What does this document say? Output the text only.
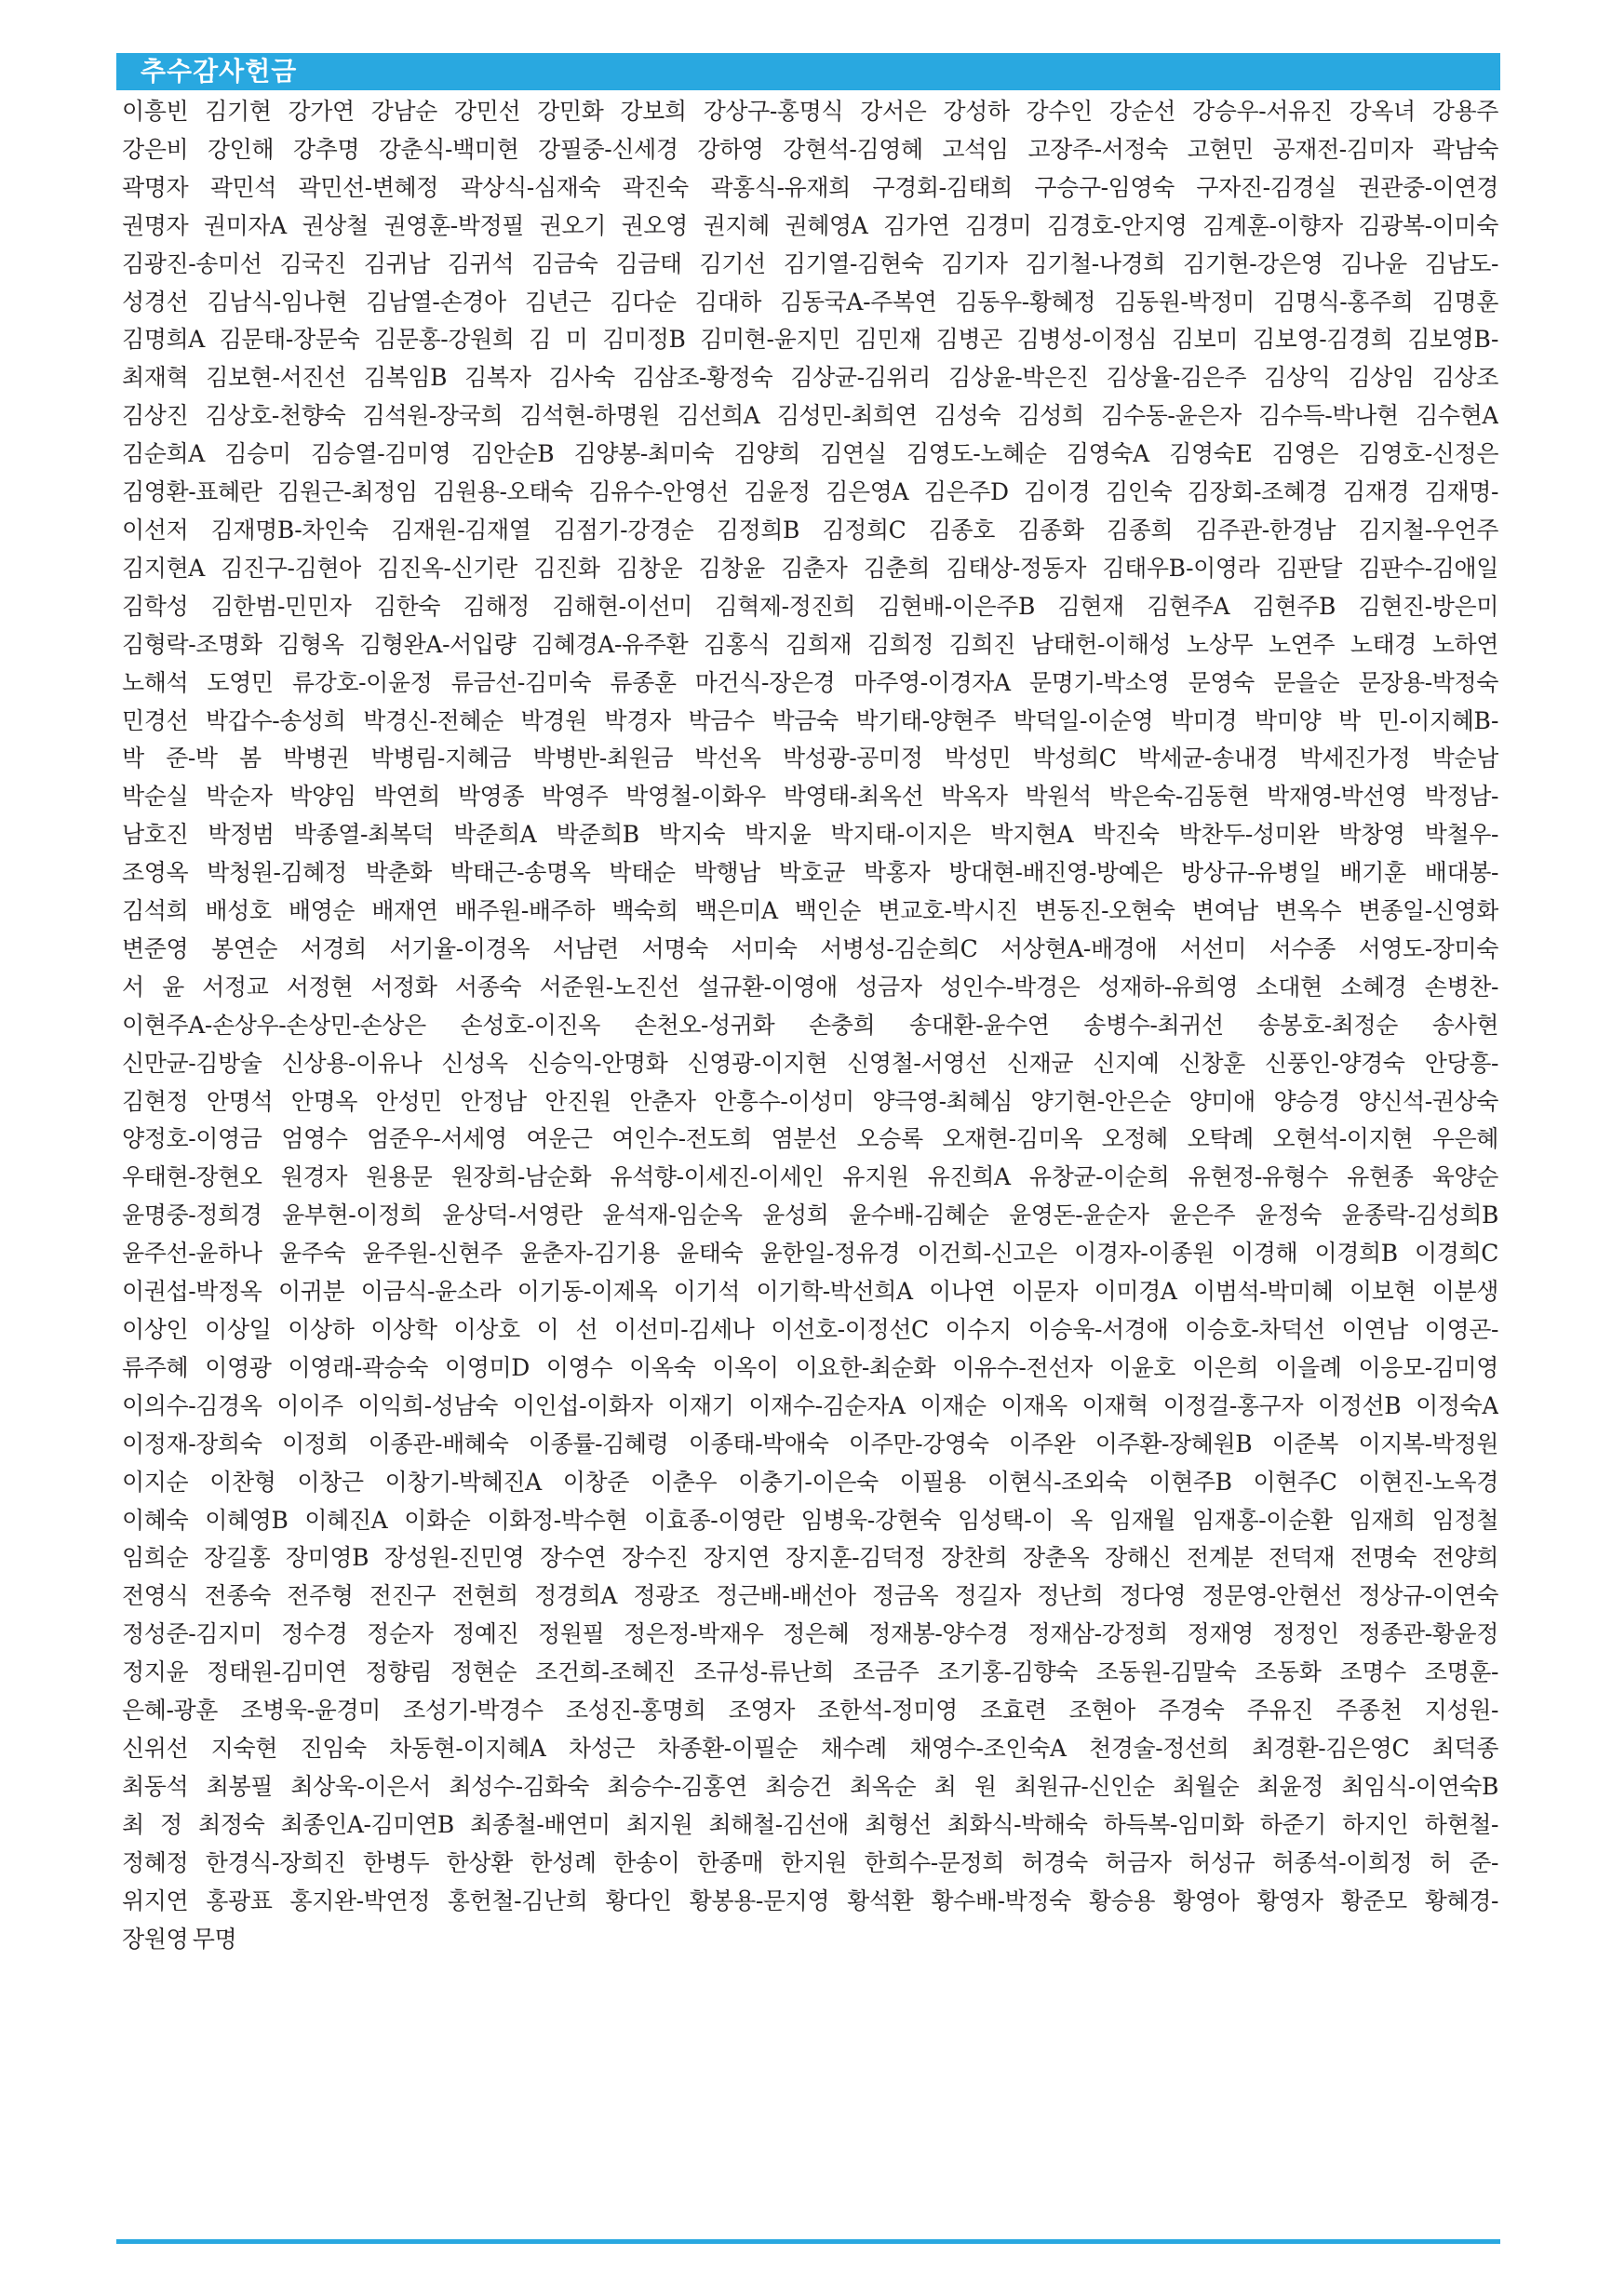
추수감사헌금
이흥빈 김기현 강가연 강남순 강민선 강민화 강보희 강상구-홍명식 강서은 강성하 강수인 강순선 강승우-서유진 강옥녀 강용주
강은비 강인해 강추명 강춘식-백미현 강필중-신세경 강하영 강현석-김영혜 고석임 고장주-서정숙 고현민 공재전-김미자 곽남숙
곽명자 곽민석 곽민선-변혜정 곽상식-심재숙 곽진숙 곽홍식-유재희 구경회-김태희 구승구-임영숙 구자진-김경실 권관중-이연경
권명자 권미자A 권상철 권영훈-박정필 권오기 권오영 권지혜 권혜영A 김가연 김경미 김경호-안지영 김계훈-이향자 김광복-이미숙
김광진-송미선 김국진 김귀남 김귀석 김금숙 김금태 김기선 김기열-김현숙 김기자 김기철-나경희 김기현-강은영 김나윤 김남도-
성경선 김남식-임나현 김남열-손경아 김년근 김다순 김대하 김동국A-주복연 김동우-황혜정 김동원-박정미 김명식-홍주희 김명훈
김명희A 김문태-장문숙 김문홍-강원희 김 미 김미정B 김미현-윤지민 김민재 김병곤 김병성-이정심 김보미 김보영-김경희 김보영B-
최재혁 김보현-서진선 김복임B 김복자 김사숙 김삼조-황정숙 김상균-김위리 김상윤-박은진 김상율-김은주 김상익 김상임 김상조
김상진 김상호-천향숙 김석원-장국희 김석현-하명원 김선희A 김성민-최희연 김성숙 김성희 김수동-윤은자 김수득-박나현 김수현A
김순희A 김승미 김승열-김미영 김안순B 김양봉-최미숙 김양희 김연실 김영도-노혜순 김영숙A 김영숙E 김영은 김영호-신정은
김영환-표혜란 김원근-최정임 김원용-오태숙 김유수-안영선 김윤정 김은영A 김은주D 김이경 김인숙 김장회-조혜경 김재경 김재명-
이선저 김재명B-차인숙 김재원-김재열 김점기-강경순 김정희B 김정희C 김종호 김종화 김종희 김주관-한경남 김지철-우언주
김지현A 김진구-김현아 김진옥-신기란 김진화 김창운 김창윤 김춘자 김춘희 김태상-정동자 김태우B-이영라 김판달 김판수-김애일
김학성 김한범-민민자 김한숙 김해정 김해현-이선미 김혁제-정진희 김현배-이은주B 김현재 김현주A 김현주B 김현진-방은미
김형락-조명화 김형옥 김형완A-서입량 김혜경A-유주환 김홍식 김희재 김희정 김희진 남태헌-이해성 노상무 노연주 노태경 노하연
노해석 도영민 류강호-이윤정 류금선-김미숙 류종훈 마건식-장은경 마주영-이경자A 문명기-박소영 문영숙 문을순 문장용-박정숙
민경선 박갑수-송성희 박경신-전혜순 박경원 박경자 박금수 박금숙 박기태-양현주 박덕일-이순영 박미경 박미양 박 민-이지혜B-
박 준-박 봄 박병권 박병림-지혜금 박병반-최원금 박선옥 박성광-공미정 박성민 박성희C 박세균-송내경 박세진가정 박순남
박순실 박순자 박양임 박연희 박영종 박영주 박영철-이화우 박영태-최옥선 박옥자 박원석 박은숙-김동현 박재영-박선영 박정남-
남호진 박정범 박종열-최복덕 박준희A 박준희B 박지숙 박지윤 박지태-이지은 박지현A 박진숙 박찬두-성미완 박창영 박철우-
조영옥 박청원-김혜정 박춘화 박태근-송명옥 박태순 박행남 박호균 박홍자 방대현-배진영-방예은 방상규-유병일 배기훈 배대봉-
김석희 배성호 배영순 배재연 배주원-배주하 백숙희 백은미A 백인순 변교호-박시진 변동진-오현숙 변여남 변옥수 변종일-신영화
변준영 봉연순 서경희 서기율-이경옥 서남련 서명숙 서미숙 서병성-김순희C 서상현A-배경애 서선미 서수종 서영도-장미숙
서 윤 서정교 서정현 서정화 서종숙 서준원-노진선 설규환-이영애 성금자 성인수-박경은 성재하-유희영 소대현 소혜경 손병찬-
이현주A-손상우-손상민-손상은 손성호-이진옥 손천오-성귀화 손충희 송대환-윤수연 송병수-최귀선 송봉호-최정순 송사현
신만균-김방술 신상용-이유나 신성옥 신승익-안명화 신영광-이지현 신영철-서영선 신재균 신지예 신창훈 신풍인-양경숙 안당흥-
김현정 안명석 안명옥 안성민 안정남 안진원 안춘자 안흥수-이성미 양극영-최혜심 양기현-안은순 양미애 양승경 양신석-권상숙
양정호-이영금 엄영수 엄준우-서세영 여운근 여인수-전도희 염분선 오승록 오재현-김미옥 오정혜 오탁례 오현석-이지현 우은혜
우태현-장현오 원경자 원용문 원장희-남순화 유석향-이세진-이세인 유지원 유진희A 유창균-이순희 유현정-유형수 유현종 육양순
윤명중-정희경 윤부현-이정희 윤상덕-서영란 윤석재-임순옥 윤성희 윤수배-김혜순 윤영돈-윤순자 윤은주 윤정숙 윤종락-김성희B
윤주선-윤하나 윤주숙 윤주원-신현주 윤춘자-김기용 윤태숙 윤한일-정유경 이건희-신고은 이경자-이종원 이경해 이경희B 이경희C
이권섭-박정옥 이귀분 이금식-윤소라 이기동-이제옥 이기석 이기학-박선희A 이나연 이문자 이미경A 이범석-박미혜 이보현 이분생
이상인 이상일 이상하 이상학 이상호 이 선 이선미-김세나 이선호-이정선C 이수지 이승욱-서경애 이승호-차덕선 이연남 이영곤-
류주혜 이영광 이영래-곽승숙 이영미D 이영수 이옥숙 이옥이 이요한-최순화 이유수-전선자 이윤호 이은희 이을례 이응모-김미영
이의수-김경옥 이이주 이익희-성남숙 이인섭-이화자 이재기 이재수-김순자A 이재순 이재옥 이재혁 이정걸-홍구자 이정선B 이정숙A
이정재-장희숙 이정희 이종관-배혜숙 이종률-김혜령 이종태-박애숙 이주만-강영숙 이주완 이주환-장혜원B 이준복 이지복-박정원
이지순 이찬형 이창근 이창기-박혜진A 이창준 이춘우 이충기-이은숙 이필용 이현식-조외숙 이현주B 이현주C 이현진-노옥경
이혜숙 이혜영B 이혜진A 이화순 이화정-박수현 이효종-이영란 임병욱-강현숙 임성택-이 옥 임재월 임재홍-이순환 임재희 임정철
임희순 장길홍 장미영B 장성원-진민영 장수연 장수진 장지연 장지훈-김덕정 장찬희 장춘옥 장해신 전계분 전덕재 전명숙 전양희
전영식 전종숙 전주형 전진구 전현희 정경희A 정광조 정근배-배선아 정금옥 정길자 정난희 정다영 정문영-안현선 정상규-이연숙
정성준-김지미 정수경 정순자 정예진 정원필 정은정-박재우 정은혜 정재봉-양수경 정재삼-강정희 정재영 정정인 정종관-황윤정
정지윤 정태원-김미연 정향림 정현순 조건희-조혜진 조규성-류난희 조금주 조기홍-김향숙 조동원-김말숙 조동화 조명수 조명훈-
은혜-광훈 조병욱-윤경미 조성기-박경수 조성진-홍명희 조영자 조한석-정미영 조효련 조현아 주경숙 주유진 주종천 지성원-
신위선 지숙현 진임숙 차동현-이지혜A 차성근 차종환-이필순 채수례 채영수-조인숙A 천경술-정선희 최경환-김은영C 최덕종
최동석 최봉필 최상욱-이은서 최성수-김화숙 최승수-김홍연 최승건 최옥순 최 원 최원규-신인순 최월순 최윤정 최임식-이연숙B
최 정 최정숙 최종인A-김미연B 최종철-배연미 최지원 최해철-김선애 최형선 최화식-박해숙 하득복-임미화 하준기 하지인 하현철-
정혜정 한경식-장희진 한병두 한상환 한성례 한송이 한종매 한지원 한희수-문정희 허경숙 허금자 허성규 허종석-이희정 허 준-
위지연 홍광표 홍지완-박연정 홍헌철-김난희 황다인 황봉용-문지영 황석환 황수배-박정숙 황승용 황영아 황영자 황준모 황혜경-
장원영 무명
